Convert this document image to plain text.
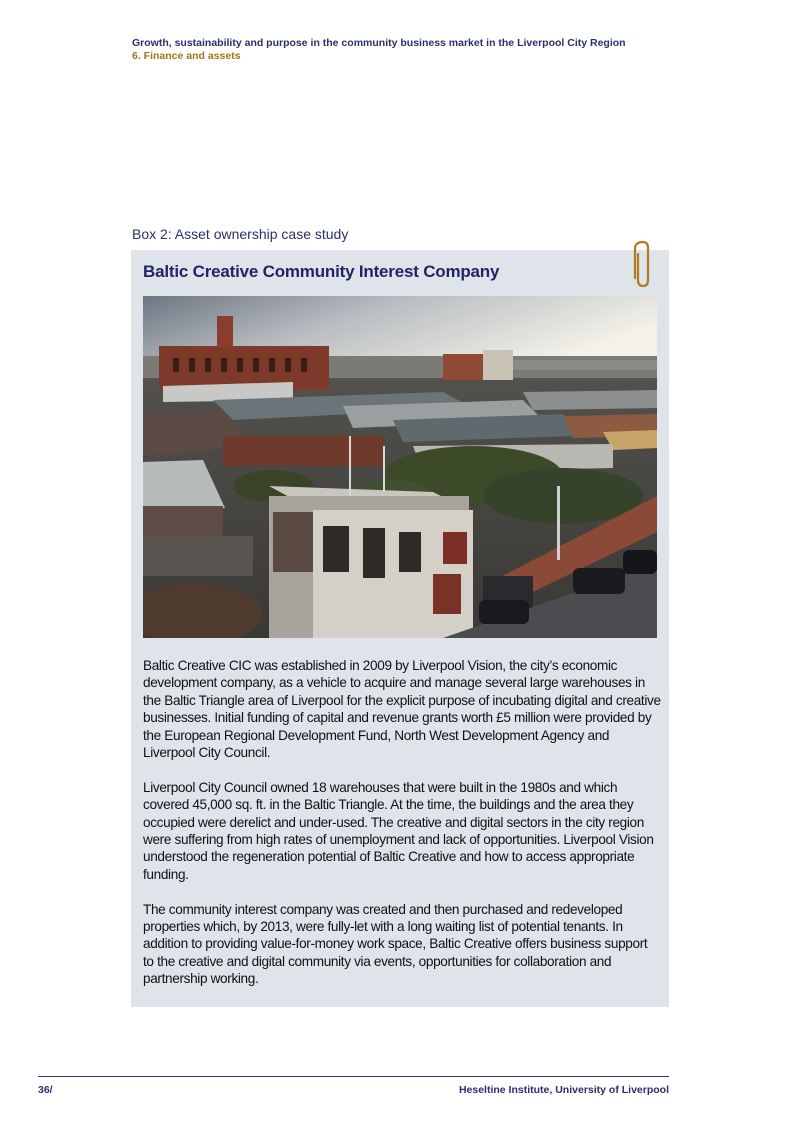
Growth, sustainability and purpose in the community business market in the Liverpool City Region
6. Finance and assets
Box 2: Asset ownership case study
Baltic Creative Community Interest Company

Baltic Creative CIC was established in 2009 by Liverpool Vision, the city’s economic development company, as a vehicle to acquire and manage several large warehouses in the Baltic Triangle area of Liverpool for the explicit purpose of incubating digital and creative businesses. Initial funding of capital and revenue grants worth £5 million were provided by the European Regional Development Fund, North West Development Agency and Liverpool City Council.

Liverpool City Council owned 18 warehouses that were built in the 1980s and which covered 45,000 sq. ft. in the Baltic Triangle. At the time, the buildings and the area they occupied were derelict and under-used. The creative and digital sectors in the city region were suffering from high rates of unemployment and lack of opportunities. Liverpool Vision understood the regeneration potential of Baltic Creative and how to access appropriate funding.

The community interest company was created and then purchased and redeveloped properties which, by 2013, were fully-let with a long waiting list of potential tenants. In addition to providing value-for-money work space, Baltic Creative offers business support to the creative and digital community via events, opportunities for collaboration and partnership working.

36/	Heseltine Institute, University of Liverpool
